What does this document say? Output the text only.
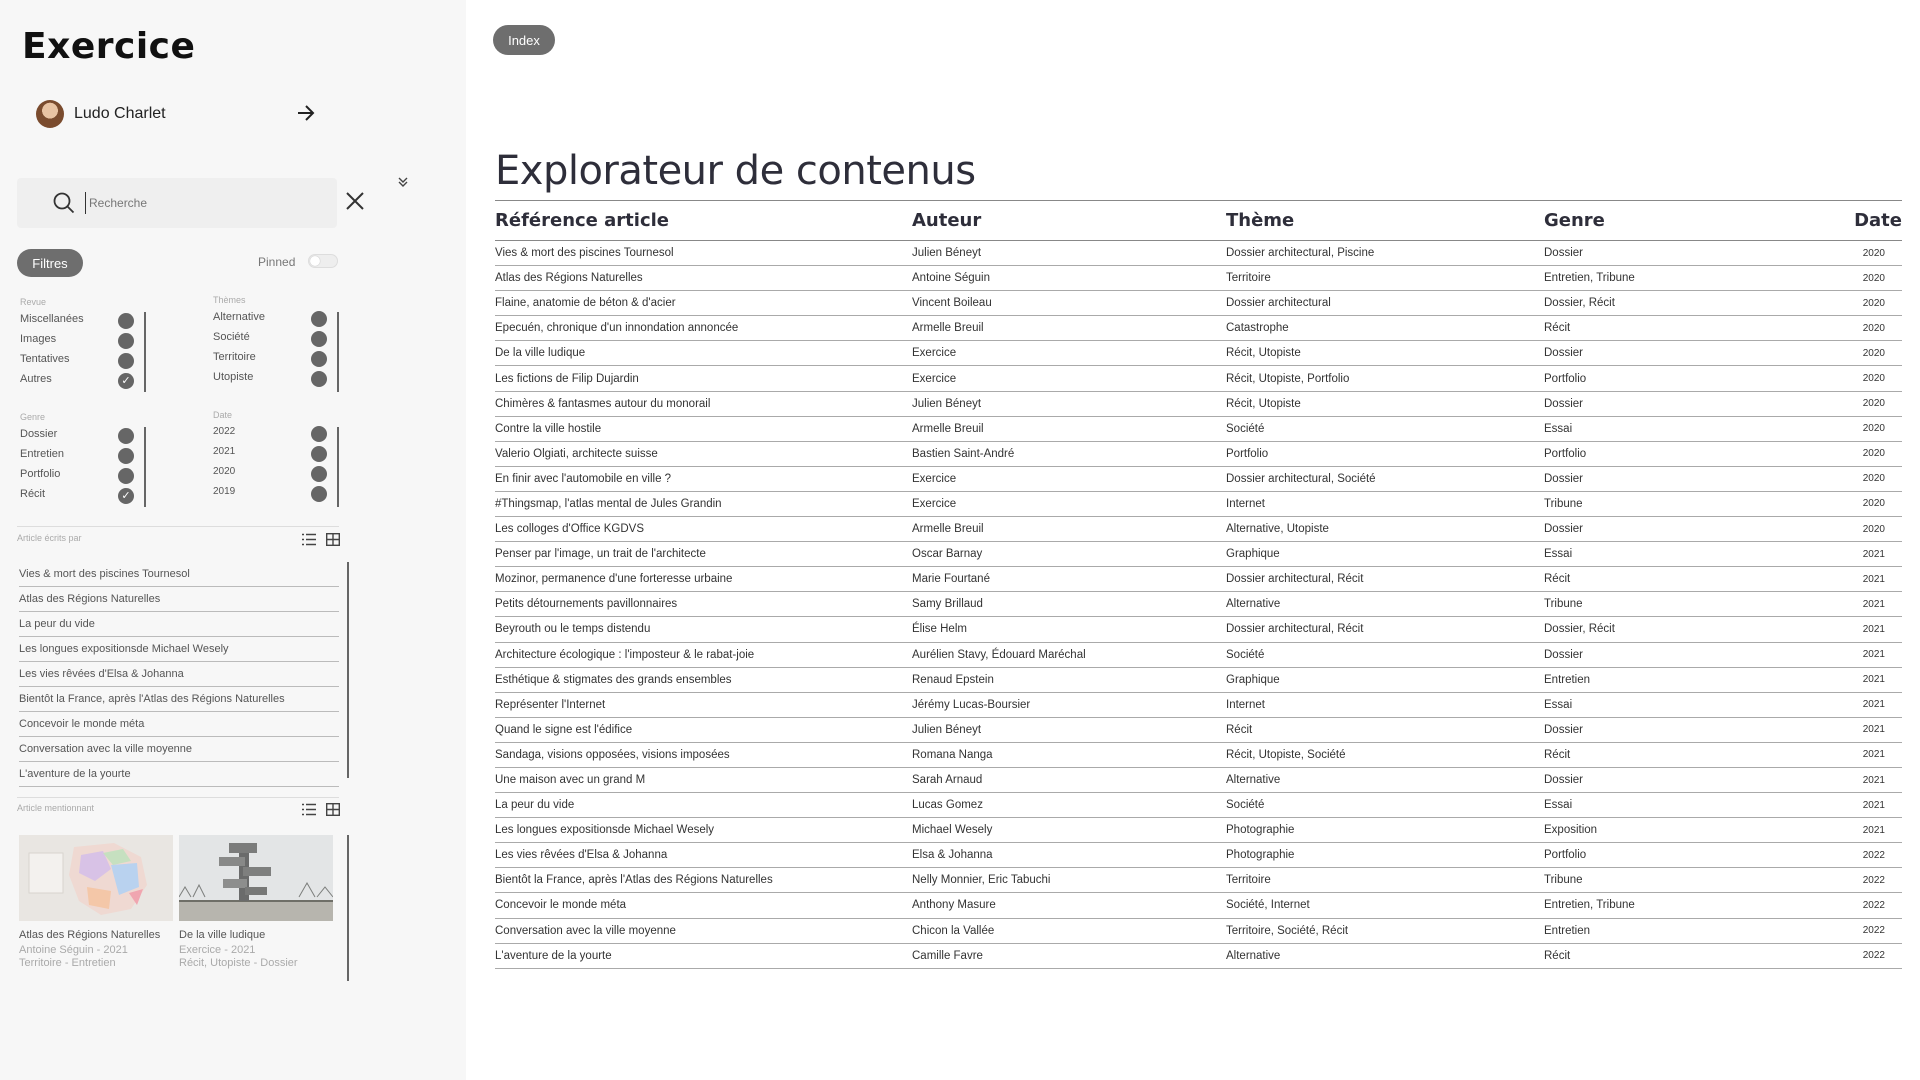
Exercice
Ludo Charlet
Recherche
Filtres	Pinned
Revue
Miscellanées
Images
Tentatives
Autres	✓
Thèmes
Alternative
Société
Territoire
Utopiste
Genre
Dossier
Entretien
Portfolio
Récit	✓
Date
2022
2021
2020
2019
Article écrits par
Vies & mort des piscines Tournesol
Atlas des Régions Naturelles
La peur du vide
Les longues expositionsde Michael Wesely
Les vies rêvées d'Elsa & Johanna
Bientôt la France, après l'Atlas des Régions Naturelles
Concevoir le monde méta
Conversation avec la ville moyenne
L'aventure de la yourte
Article mentionnant
Atlas des Régions Naturelles
Antoine Séguin - 2021
Territoire - Entretien
De la ville ludique
Exercice - 2021
Récit, Utopiste - Dossier
Index
Explorateur de contenus
Référence article	Auteur	Thème	Genre	Date
Vies & mort des piscines Tournesol	Julien Béneyt	Dossier architectural, Piscine	Dossier	2020
Atlas des Régions Naturelles	Antoine Séguin	Territoire	Entretien, Tribune	2020
Flaine, anatomie de béton & d'acier	Vincent Boileau	Dossier architectural	Dossier, Récit	2020
Epecuén, chronique d'un innondation annoncée	Armelle Breuil	Catastrophe	Récit	2020
De la ville ludique	Exercice	Récit, Utopiste	Dossier	2020
Les fictions de Filip Dujardin	Exercice	Récit, Utopiste, Portfolio	Portfolio	2020
Chimères & fantasmes autour du monorail	Julien Béneyt	Récit, Utopiste	Dossier	2020
Contre la ville hostile	Armelle Breuil	Société	Essai	2020
Valerio Olgiati, architecte suisse	Bastien Saint-André	Portfolio	Portfolio	2020
En finir avec l'automobile en ville ?	Exercice	Dossier architectural, Société	Dossier	2020
#Thingsmap, l'atlas mental de Jules Grandin	Exercice	Internet	Tribune	2020
Les colloges d'Office KGDVS	Armelle Breuil	Alternative, Utopiste	Dossier	2020
Penser par l'image, un trait de l'architecte	Oscar Barnay	Graphique	Essai	2021
Mozinor, permanence d'une forteresse urbaine	Marie Fourtané	Dossier architectural, Récit	Récit	2021
Petits détournements pavillonnaires	Samy Brillaud	Alternative	Tribune	2021
Beyrouth ou le temps distendu	Élise Helm	Dossier architectural, Récit	Dossier, Récit	2021
Architecture écologique : l'imposteur & le rabat-joie	Aurélien Stavy, Édouard Maréchal	Société	Dossier	2021
Esthétique & stigmates des grands ensembles	Renaud Epstein	Graphique	Entretien	2021
Représenter l'Internet	Jérémy Lucas-Boursier	Internet	Essai	2021
Quand le signe est l'édifice	Julien Béneyt	Récit	Dossier	2021
Sandaga, visions opposées, visions imposées	Romana Nanga	Récit, Utopiste, Société	Récit	2021
Une maison avec un grand M	Sarah Arnaud	Alternative	Dossier	2021
La peur du vide	Lucas Gomez	Société	Essai	2021
Les longues expositionsde Michael Wesely	Michael Wesely	Photographie	Exposition	2021
Les vies rêvées d'Elsa & Johanna	Elsa & Johanna	Photographie	Portfolio	2022
Bientôt la France, après l'Atlas des Régions Naturelles	Nelly Monnier, Eric Tabuchi	Territoire	Tribune	2022
Concevoir le monde méta	Anthony Masure	Société, Internet	Entretien, Tribune	2022
Conversation avec la ville moyenne	Chicon la Vallée	Territoire, Société, Récit	Entretien	2022
L'aventure de la yourte	Camille Favre	Alternative	Récit	2022
